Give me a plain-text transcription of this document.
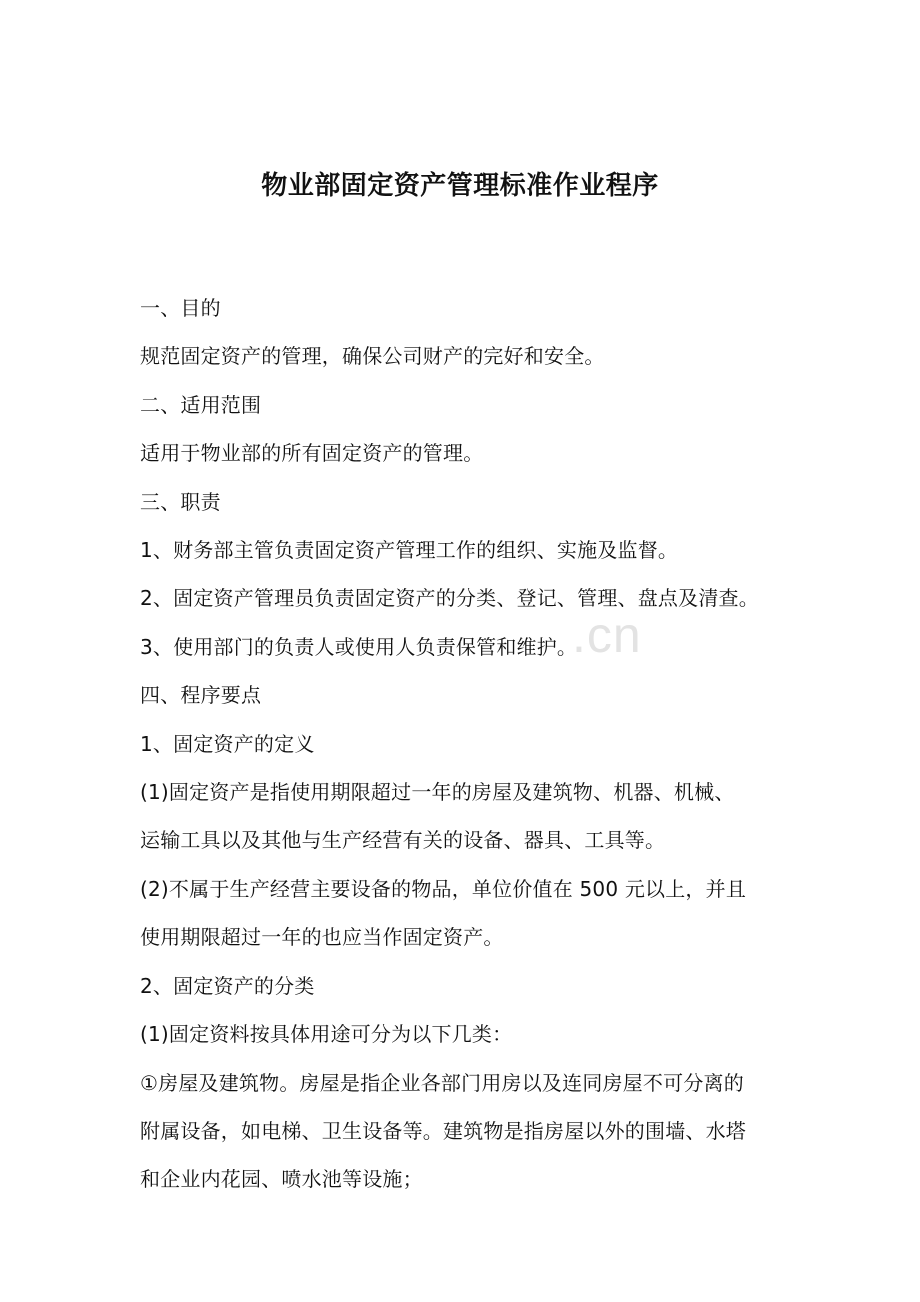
物业部固定资产管理标准作业程序
一、目的
规范固定资产的管理，确保公司财产的完好和安全。
二、适用范围
适用于物业部的所有固定资产的管理。
三、职责
1、财务部主管负责固定资产管理工作的组织、实施及监督。
2、固定资产管理员负责固定资产的分类、登记、管理、盘点及清查。
3、使用部门的负责人或使用人负责保管和维护。
四、程序要点
1、固定资产的定义
(1)固定资产是指使用期限超过一年的房屋及建筑物、机器、机械、
运输工具以及其他与生产经营有关的设备、器具、工具等。
(2)不属于生产经营主要设备的物品，单位价值在 500 元以上，并且
使用期限超过一年的也应当作固定资产。
2、固定资产的分类
(1)固定资料按具体用途可分为以下几类：
①房屋及建筑物。房屋是指企业各部门用房以及连同房屋不可分离的
附属设备，如电梯、卫生设备等。建筑物是指房屋以外的围墙、水塔
和企业内花园、喷水池等设施；
.cn
